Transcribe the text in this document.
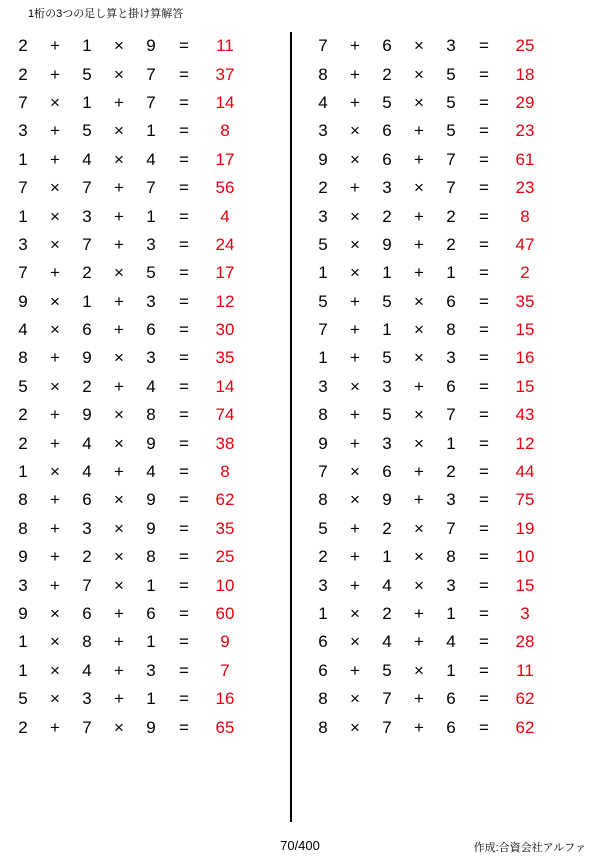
1桁の3つの足し算と掛け算解答
2	+	1	×	9	=	11
2	+	5	×	7	=	37
7	×	1	+	7	=	14
3	+	5	×	1	=	8
1	+	4	×	4	=	17
7	×	7	+	7	=	56
1	×	3	+	1	=	4
3	×	7	+	3	=	24
7	+	2	×	5	=	17
9	×	1	+	3	=	12
4	×	6	+	6	=	30
8	+	9	×	3	=	35
5	×	2	+	4	=	14
2	+	9	×	8	=	74
2	+	4	×	9	=	38
1	×	4	+	4	=	8
8	+	6	×	9	=	62
8	+	3	×	9	=	35
9	+	2	×	8	=	25
3	+	7	×	1	=	10
9	×	6	+	6	=	60
1	×	8	+	1	=	9
1	×	4	+	3	=	7
5	×	3	+	1	=	16
2	+	7	×	9	=	65
7	+	6	×	3	=	25
8	+	2	×	5	=	18
4	+	5	×	5	=	29
3	×	6	+	5	=	23
9	×	6	+	7	=	61
2	+	3	×	7	=	23
3	×	2	+	2	=	8
5	×	9	+	2	=	47
1	×	1	+	1	=	2
5	+	5	×	6	=	35
7	+	1	×	8	=	15
1	+	5	×	3	=	16
3	×	3	+	6	=	15
8	+	5	×	7	=	43
9	+	3	×	1	=	12
7	×	6	+	2	=	44
8	×	9	+	3	=	75
5	+	2	×	7	=	19
2	+	1	×	8	=	10
3	+	4	×	3	=	15
1	×	2	+	1	=	3
6	×	4	+	4	=	28
6	+	5	×	1	=	11
8	×	7	+	6	=	62
8	×	7	+	6	=	62
70/400	作成:合資会社アルファ
